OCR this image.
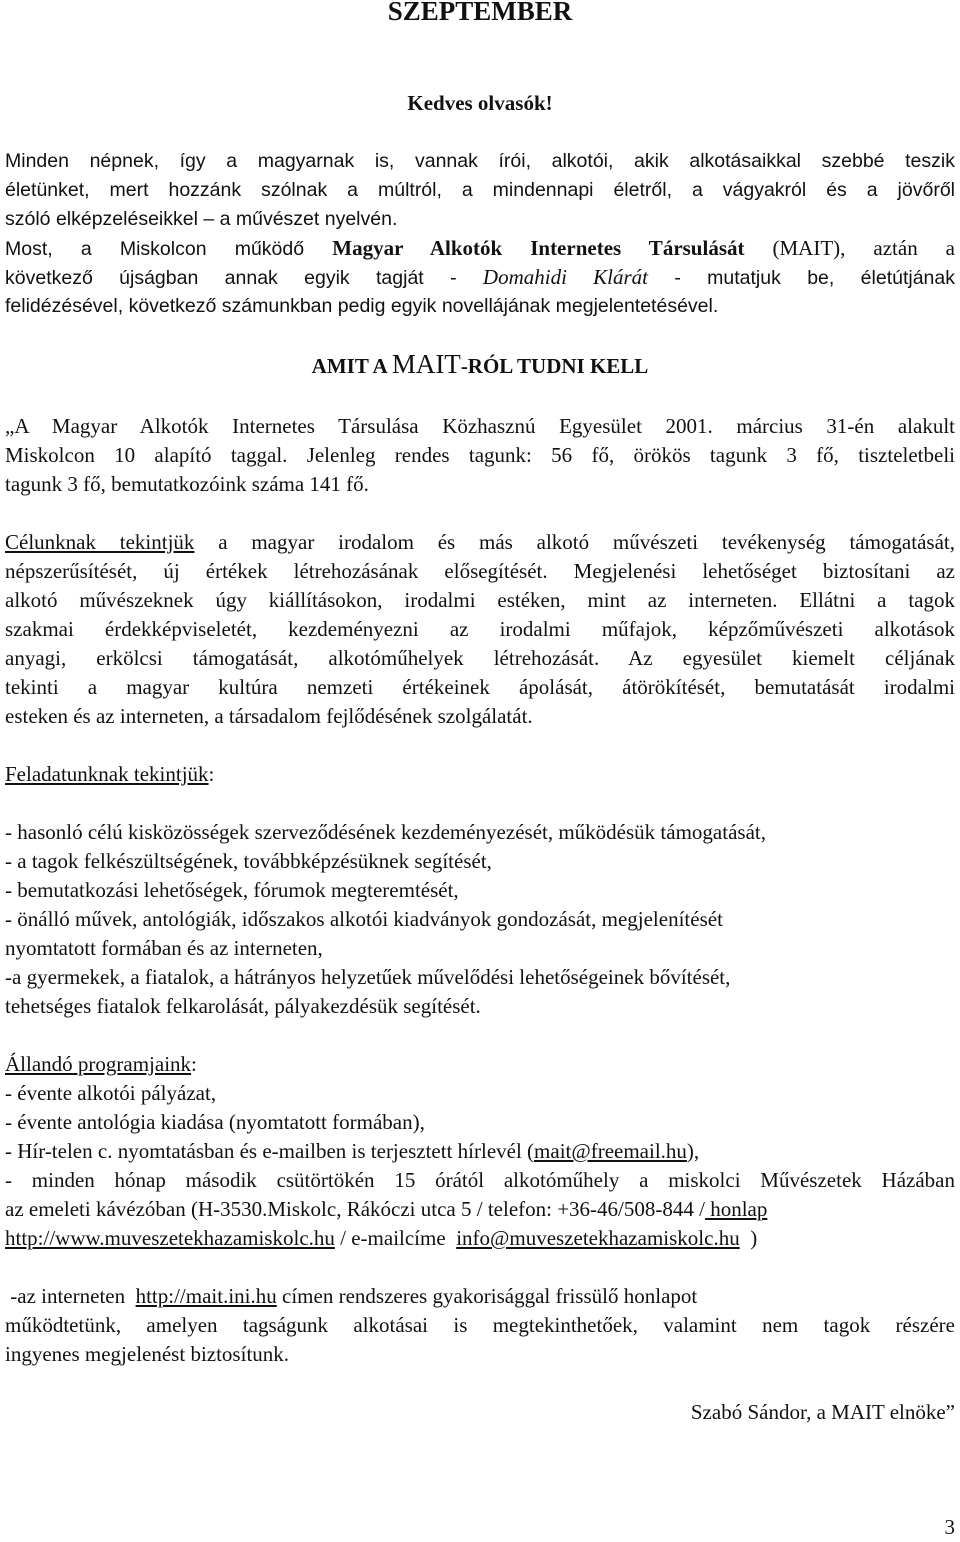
SZEPTEMBER
Kedves olvasók!
Minden népnek, így a magyarnak is, vannak írói, alkotói, akik alkotásaikkal szebbé teszik
életünket, mert hozzánk szólnak a múltról, a mindennapi életről, a vágyakról és a jövőről
szóló elképzeléseikkel – a művészet nyelvén.
Most, a Miskolcon működő Magyar Alkotók Internetes Társulását (MAIT), aztán a
következő újságban annak egyik tagját - Domahidi Klárát - mutatjuk be, életútjának
felidézésével, következő számunkban pedig egyik novellájának megjelentetésével.
AMIT A MAIT-RÓL TUDNI KELL
„A Magyar Alkotók Internetes Társulása Közhasznú Egyesület 2001. március 31-én alakult
Miskolcon 10 alapító taggal. Jelenleg rendes tagunk: 56 fő, örökös tagunk 3 fő, tiszteletbeli
tagunk 3 fő, bemutatkozóink száma 141 fő.
Célunknak tekintjük a magyar irodalom és más alkotó művészeti tevékenység támogatását,
népszerűsítését, új értékek létrehozásának elősegítését. Megjelenési lehetőséget biztosítani az
alkotó művészeknek úgy kiállításokon, irodalmi estéken, mint az interneten. Ellátni a tagok
szakmai érdekképviseletét, kezdeményezni az irodalmi műfajok, képzőművészeti alkotások
anyagi, erkölcsi támogatását, alkotóműhelyek létrehozását. Az egyesület kiemelt céljának
tekinti a magyar kultúra nemzeti értékeinek ápolását, átörökítését, bemutatását irodalmi
esteken és az interneten, a társadalom fejlődésének szolgálatát.
Feladatunknak tekintjük:
- hasonló célú kisközösségek szerveződésének kezdeményezését, működésük támogatását,
- a tagok felkészültségének, továbbképzésüknek segítését,
- bemutatkozási lehetőségek, fórumok megteremtését,
- önálló művek, antológiák, időszakos alkotói kiadványok gondozását, megjelenítését
nyomtatott formában és az interneten,
-a gyermekek, a fiatalok, a hátrányos helyzetűek művelődési lehetőségeinek bővítését,
tehetséges fiatalok felkarolását, pályakezdésük segítését.
Állandó programjaink:
- évente alkotói pályázat,
- évente antológia kiadása (nyomtatott formában),
- Hír-telen c. nyomtatásban és e-mailben is terjesztett hírlevél (mait@freemail.hu),
- minden hónap második csütörtökén 15 órától alkotóműhely a miskolci Művészetek Házában
az emeleti kávézóban (H-3530.Miskolc, Rákóczi utca 5 / telefon: +36-46/508-844 / honlap
http://www.muveszetekhazamiskolc.hu / e-mailcíme  info@muveszetekhazamiskolc.hu  )
-az interneten  http://mait.ini.hu címen rendszeres gyakorisággal frissülő honlapot
működtetünk, amelyen tagságunk alkotásai is megtekinthetőek, valamint nem tagok részére
ingyenes megjelenést biztosítunk.
Szabó Sándor, a MAIT elnöke”
3
